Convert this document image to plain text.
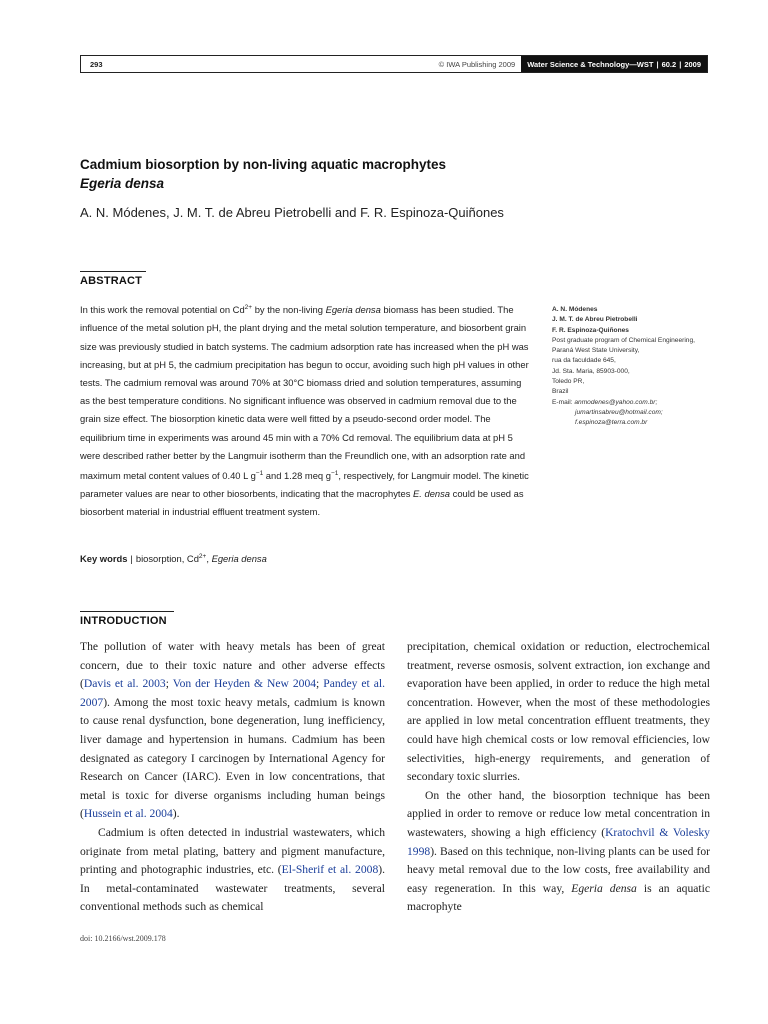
293	© IWA Publishing 2009	Water Science & Technology—WST | 60.2 | 2009
Cadmium biosorption by non-living aquatic macrophytes
Egeria densa
A. N. Módenes, J. M. T. de Abreu Pietrobelli and F. R. Espinoza-Quiñones
ABSTRACT
In this work the removal potential on $Cd^{2+}$ by the non-living Egeria densa biomass has been studied. The influence of the metal solution pH, the plant drying and the metal solution temperature, and biosorbent grain size was previously studied in batch systems. The cadmium adsorption rate has increased when the pH was increasing, but at pH 5, the cadmium precipitation has begun to occur, avoiding such high pH values in other tests. The cadmium removal was around 70% at 30°C biomass dried and solution temperatures, assuming as the best temperature conditions. No significant influence was observed in cadmium removal due to the grain size effect. The biosorption kinetic data were well fitted by a pseudo-second order model. The equilibrium time in experiments was around 45 min with a 70% Cd removal. The equilibrium data at pH 5 were described rather better by the Langmuir isotherm than the Freundlich one, with an adsorption rate and maximum metal content values of 0.40 L $g^{-1}$ and 1.28 meq $g^{-1}$, respectively, for Langmuir model. The kinetic parameter values are near to other biosorbents, indicating that the macrophytes E. densa could be used as biosorbent material in industrial effluent treatment system.
Key words | biosorption, $Cd^{2+}$, Egeria densa
A. N. Módenes
J. M. T. de Abreu Pietrobelli
F. R. Espinoza-Quiñones
Post graduate program of Chemical Engineering,
Paraná West State University,
rua da faculdade 645,
Jd. Sta. Maria, 85903-000,
Toledo PR,
Brazil
E-mail: anmodenes@yahoo.com.br;
jumartinsabreu@hotmail.com;
f.espinoza@terra.com.br
INTRODUCTION

The pollution of water with heavy metals has been of great concern, due to their toxic nature and other adverse effects (Davis et al. 2003; Von der Heyden & New 2004; Pandey et al. 2007). Among the most toxic heavy metals, cadmium is known to cause renal dysfunction, bone degeneration, lung inefficiency, liver damage and hypertension in humans. Cadmium has been designated as category I carcinogen by International Agency for Research on Cancer (IARC). Even in low concentrations, that metal is toxic for diverse organisms including human beings (Hussein et al. 2004).

Cadmium is often detected in industrial wastewaters, which originate from metal plating, battery and pigment manufacture, printing and photographic industries, etc. (El-Sherif et al. 2008). In metal-contaminated wastewater treatments, several conventional methods such as chemical

precipitation, chemical oxidation or reduction, electrochemical treatment, reverse osmosis, solvent extraction, ion exchange and evaporation have been applied, in order to reduce the high metal concentration. However, when the most of these methodologies are applied in low metal concentration effluent treatments, they could have high chemical costs or low removal efficiencies, low selectivities, high-energy requirements, and generation of secondary toxic slurries.

On the other hand, the biosorption technique has been applied in order to remove or reduce low metal concentration in wastewaters, showing a high efficiency (Kratochvil & Volesky 1998). Based on this technique, non-living plants can be used for heavy metal removal due to the low costs, free availability and easy regeneration. In this way, Egeria densa is an aquatic macrophyte

doi: 10.2166/wst.2009.178
